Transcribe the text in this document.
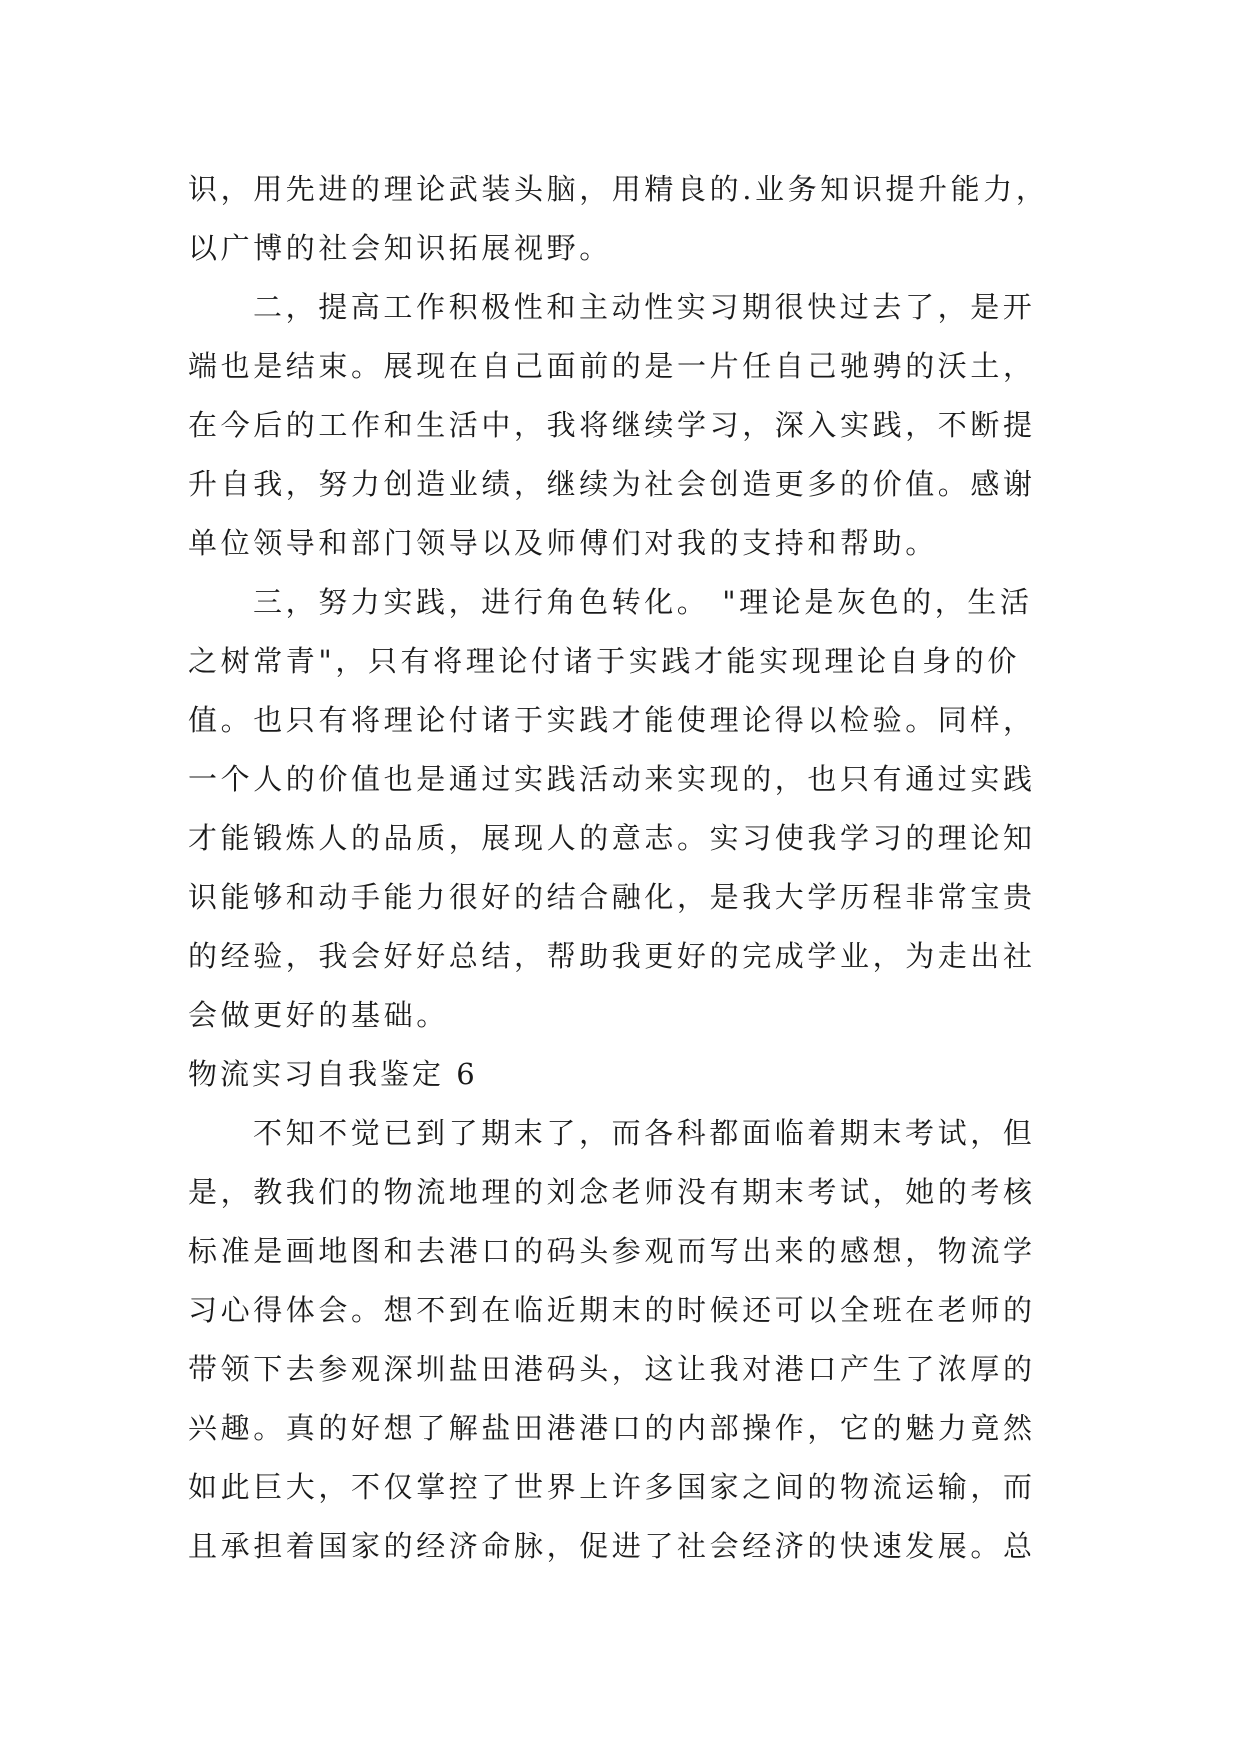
识，用先进的理论武装头脑，用精良的.业务知识提升能力，
以广博的社会知识拓展视野。
二，提高工作积极性和主动性实习期很快过去了，是开
端也是结束。展现在自己面前的是一片任自己驰骋的沃土，
在今后的工作和生活中，我将继续学习，深入实践，不断提
升自我，努力创造业绩，继续为社会创造更多的价值。感谢
单位领导和部门领导以及师傅们对我的支持和帮助。
三，努力实践，进行角色转化。 "理论是灰色的，生活
之树常青"，只有将理论付诸于实践才能实现理论自身的价
值。也只有将理论付诸于实践才能使理论得以检验。同样，
一个人的价值也是通过实践活动来实现的，也只有通过实践
才能锻炼人的品质，展现人的意志。实习使我学习的理论知
识能够和动手能力很好的结合融化，是我大学历程非常宝贵
的经验，我会好好总结，帮助我更好的完成学业，为走出社
会做更好的基础。
物流实习自我鉴定 6
不知不觉已到了期末了，而各科都面临着期末考试，但
是，教我们的物流地理的刘念老师没有期末考试，她的考核
标准是画地图和去港口的码头参观而写出来的感想，物流学
习心得体会。想不到在临近期末的时候还可以全班在老师的
带领下去参观深圳盐田港码头，这让我对港口产生了浓厚的
兴趣。真的好想了解盐田港港口的内部操作，它的魅力竟然
如此巨大，不仅掌控了世界上许多国家之间的物流运输，而
且承担着国家的经济命脉，促进了社会经济的快速发展。总
